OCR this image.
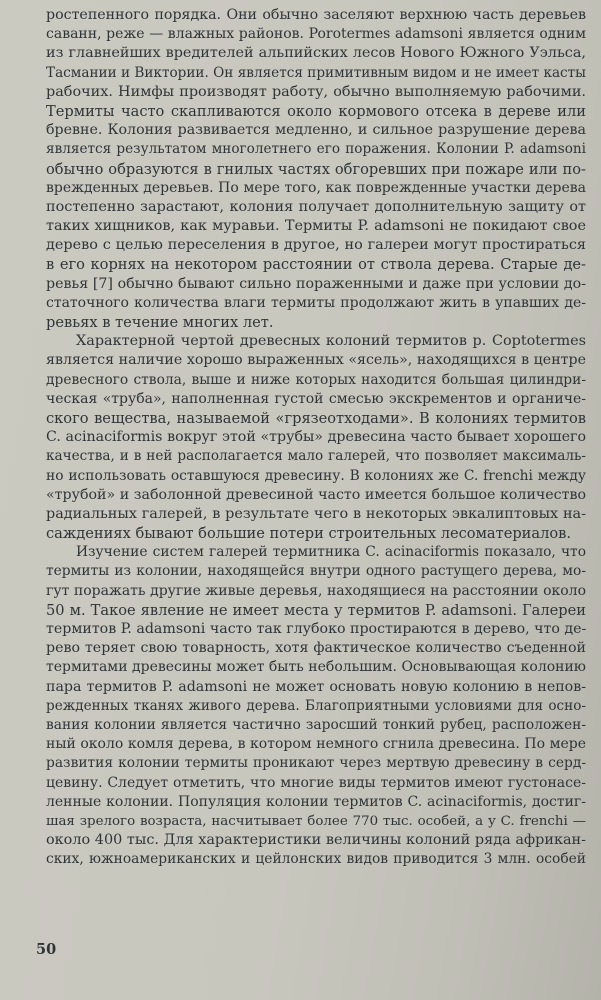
ростепенного порядка. Они обычно заселяют верхнюю часть деревьев
саванн, реже — влажных районов. Porotermes adamsoni является одним
из главнейших вредителей альпийских лесов Нового Южного Уэльса,
Тасмании и Виктории. Он является примитивным видом и не имеет касты
рабочих. Нимфы производят работу, обычно выполняемую рабочими.
Термиты часто скапливаются около кормового отсека в дереве или
бревне. Колония развивается медленно, и сильное разрушение дерева
является результатом многолетнего его поражения. Колонии P. adamsoni
обычно образуются в гнилых частях обгоревших при пожаре или по-
врежденных деревьев. По мере того, как поврежденные участки дерева
постепенно зарастают, колония получает дополнительную защиту от
таких хищников, как муравьи. Термиты P. adamsoni не покидают свое
дерево с целью переселения в другое, но галереи могут простираться
в его корнях на некотором расстоянии от ствола дерева. Старые де-
ревья [7] обычно бывают сильно пораженными и даже при условии до-
статочного количества влаги термиты продолжают жить в упавших де-
ревьях в течение многих лет.
Характерной чертой древесных колоний термитов р. Coptotermes
является наличие хорошо выраженных «ясель», находящихся в центре
древесного ствола, выше и ниже которых находится большая цилиндри-
ческая «труба», наполненная густой смесью экскрементов и органиче-
ского вещества, называемой «грязеотходами». В колониях термитов
C. acinaciformis вокруг этой «трубы» древесина часто бывает хорошего
качества, и в ней располагается мало галерей, что позволяет максималь-
но использовать оставшуюся древесину. В колониях же C. frenchi между
«трубой» и заболонной древесиной часто имеется большое количество
радиальных галерей, в результате чего в некоторых эвкалиптовых на-
саждениях бывают большие потери строительных лесоматериалов.
Изучение систем галерей термитника C. acinaciformis показало, что
термиты из колонии, находящейся внутри одного растущего дерева, мо-
гут поражать другие живые деревья, находящиеся на расстоянии около
50 м. Такое явление не имеет места у термитов P. adamsoni. Галереи
термитов P. adamsoni часто так глубоко простираются в дерево, что де-
рево теряет свою товарность, хотя фактическое количество съеденной
термитами древесины может быть небольшим. Основывающая колонию
пара термитов P. adamsoni не может основать новую колонию в непов-
режденных тканях живого дерева. Благоприятными условиями для осно-
вания колонии является частично заросший тонкий рубец, расположен-
ный около комля дерева, в котором немного сгнила древесина. По мере
развития колонии термиты проникают через мертвую древесину в серд-
цевину. Следует отметить, что многие виды термитов имеют густонасе-
ленные колонии. Популяция колонии термитов C. acinaciformis, достиг-
шая зрелого возраста, насчитывает более 770 тыс. особей, а у C. frenchi —
около 400 тыс. Для характеристики величины колоний ряда африкан-
ских, южноамериканских и цейлонских видов приводится 3 млн. особей
50
